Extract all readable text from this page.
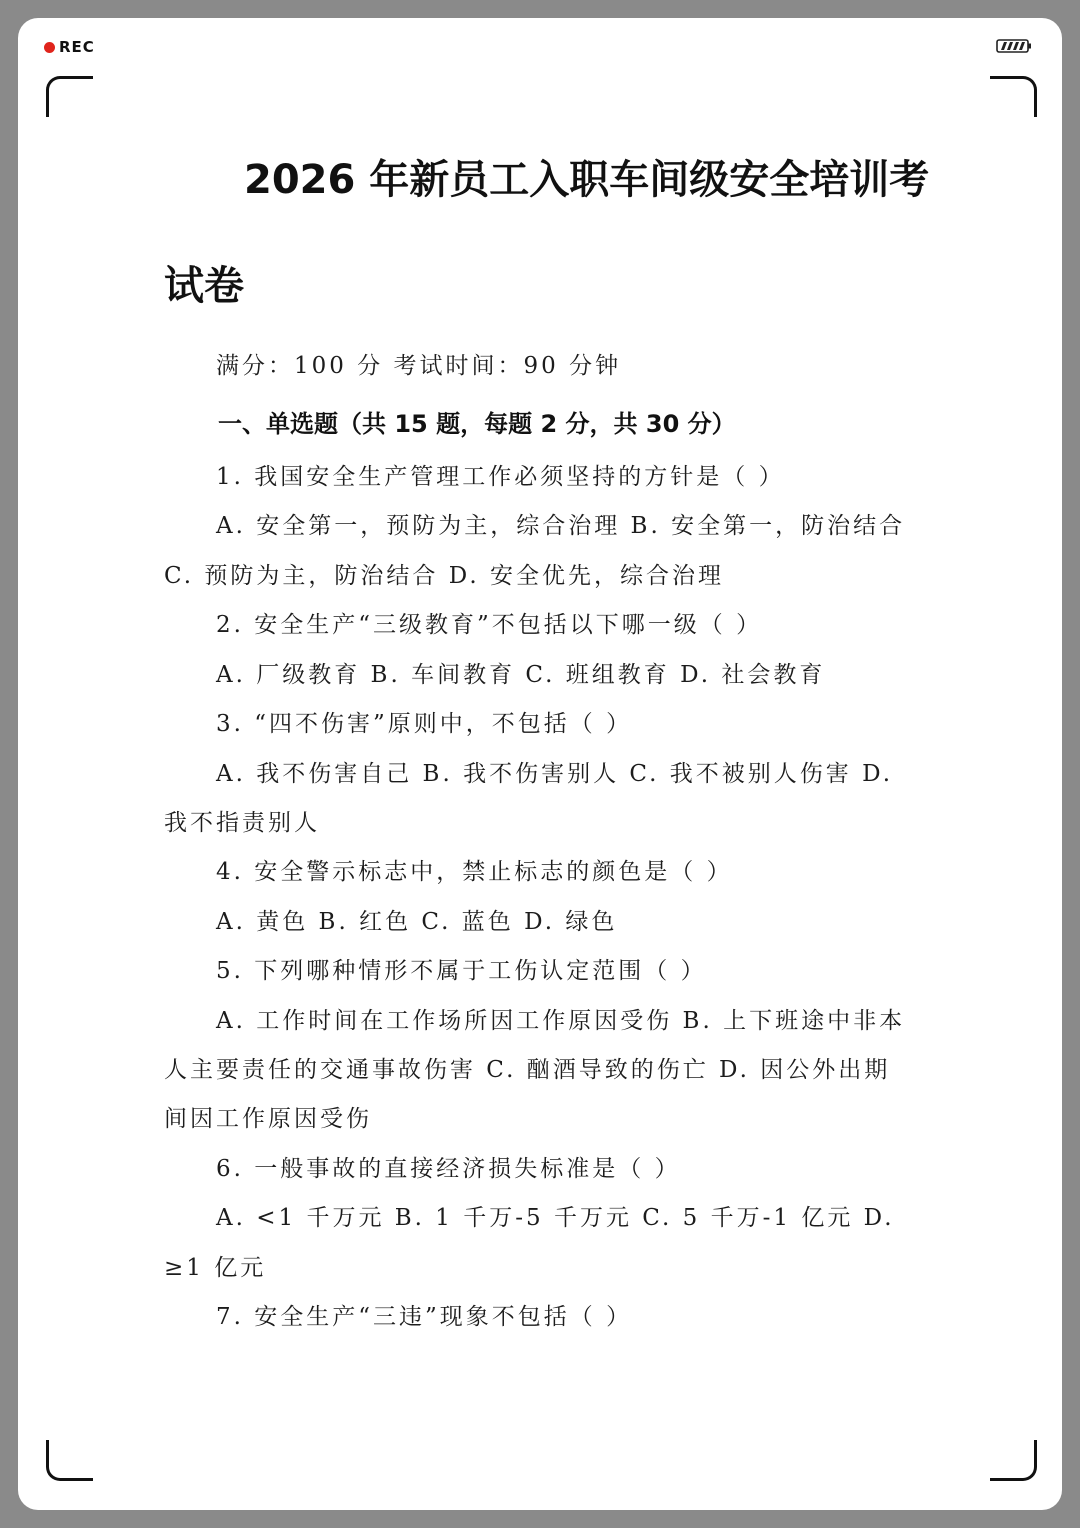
REC
2026 年新员工入职车间级安全培训考
试卷
满分：100 分 考试时间：90 分钟
一、单选题（共 15 题，每题 2 分，共 30 分）
1. 我国安全生产管理工作必须坚持的方针是（ ）
A. 安全第一，预防为主，综合治理 B. 安全第一，防治结合
C. 预防为主，防治结合 D. 安全优先，综合治理
2. 安全生产“三级教育”不包括以下哪一级（ ）
A. 厂级教育 B. 车间教育 C. 班组教育 D. 社会教育
3. “四不伤害”原则中，不包括（ ）
A. 我不伤害自己 B. 我不伤害别人 C. 我不被别人伤害 D.
我不指责别人
4. 安全警示标志中，禁止标志的颜色是（ ）
A. 黄色 B. 红色 C. 蓝色 D. 绿色
5. 下列哪种情形不属于工伤认定范围（ ）
A. 工作时间在工作场所因工作原因受伤 B. 上下班途中非本
人主要责任的交通事故伤害 C. 酗酒导致的伤亡 D. 因公外出期
间因工作原因受伤
6. 一般事故的直接经济损失标准是（ ）
A. <1 千万元 B. 1 千万-5 千万元 C. 5 千万-1 亿元 D.
≥1 亿元
7. 安全生产“三违”现象不包括（ ）
